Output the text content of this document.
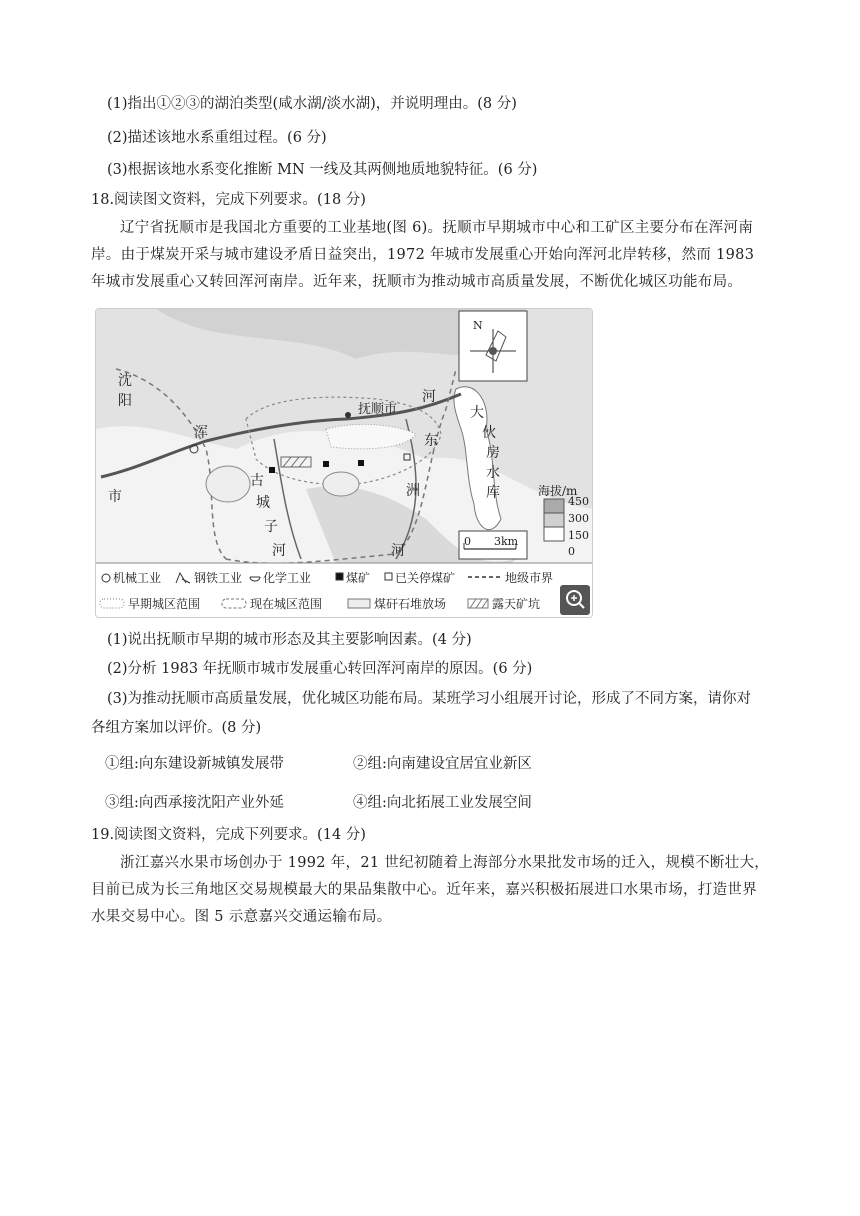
(1)指出①②③的湖泊类型(咸水湖/淡水湖)，并说明理由。(8 分)
(2)描述该地水系重组过程。(6 分)
(3)根据该地水系变化推断 MN 一线及其两侧地质地貌特征。(6 分)
18.阅读图文资料，完成下列要求。(18 分)
辽宁省抚顺市是我国北方重要的工业基地(图 6)。抚顺市早期城市中心和工矿区主要分布在浑河南岸。由于煤炭开采与城市建设矛盾日益突出，1972 年城市发展重心开始向浑河北岸转移，然而 1983 年城市发展重心又转回浑河南岸。近年来，抚顺市为推动城市高质量发展，不断优化城区功能布局。
沈
阳
市
浑
河
抚顺市
东
洲
河
古
城
子
河
大
伙
房
水
库
N
0 3km
海拔/m
450
300
150
0
机械工业	钢铁工业 化学工业	煤矿 已关停煤矿	地级市界
早期城区范围	现在城区范围	煤矸石堆放场	露天矿坑
(1)说出抚顺市早期的城市形态及其主要影响因素。(4 分)
(2)分析 1983 年抚顺市城市发展重心转回浑河南岸的原因。(6 分)
(3)为推动抚顺市高质量发展，优化城区功能布局。某班学习小组展开讨论，形成了不同方案，请你对
各组方案加以评价。(8 分)
①组:向东建设新城镇发展带	②组:向南建设宜居宜业新区
③组:向西承接沈阳产业外延	④组:向北拓展工业发展空间
19.阅读图文资料，完成下列要求。(14 分)
浙江嘉兴水果市场创办于 1992 年，21 世纪初随着上海部分水果批发市场的迁入，规模不断壮大，目前已成为长三角地区交易规模最大的果品集散中心。近年来，嘉兴积极拓展进口水果市场，打造世界水果交易中心。图 5 示意嘉兴交通运输布局。
